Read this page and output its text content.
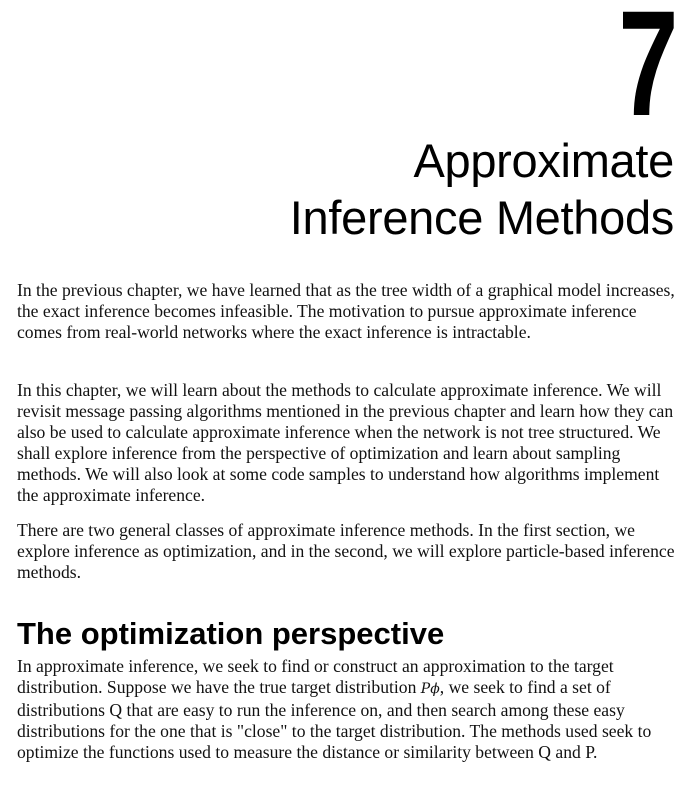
7
Approximate
Inference Methods

In the previous chapter, we have learned that as the tree width of a graphical model increases, the exact inference becomes infeasible. The motivation to pursue approximate inference comes from real-world networks where the exact inference is intractable.

In this chapter, we will learn about the methods to calculate approximate inference. We will revisit message passing algorithms mentioned in the previous chapter and learn how they can also be used to calculate approximate inference when the network is not tree structured. We shall explore inference from the perspective of optimization and learn about sampling methods. We will also look at some code samples to understand how algorithms implement the approximate inference.

There are two general classes of approximate inference methods. In the first section, we explore inference as optimization, and in the second, we will explore particle-based inference methods.

The optimization perspective

In approximate inference, we seek to find or construct an approximation to the target distribution. Suppose we have the true target distribution Pϕ, we seek to find a set of distributions Q that are easy to run the inference on, and then search among these easy distributions for the one that is "close" to the target distribution. The methods used seek to optimize the functions used to measure the distance or similarity between Q and P.
